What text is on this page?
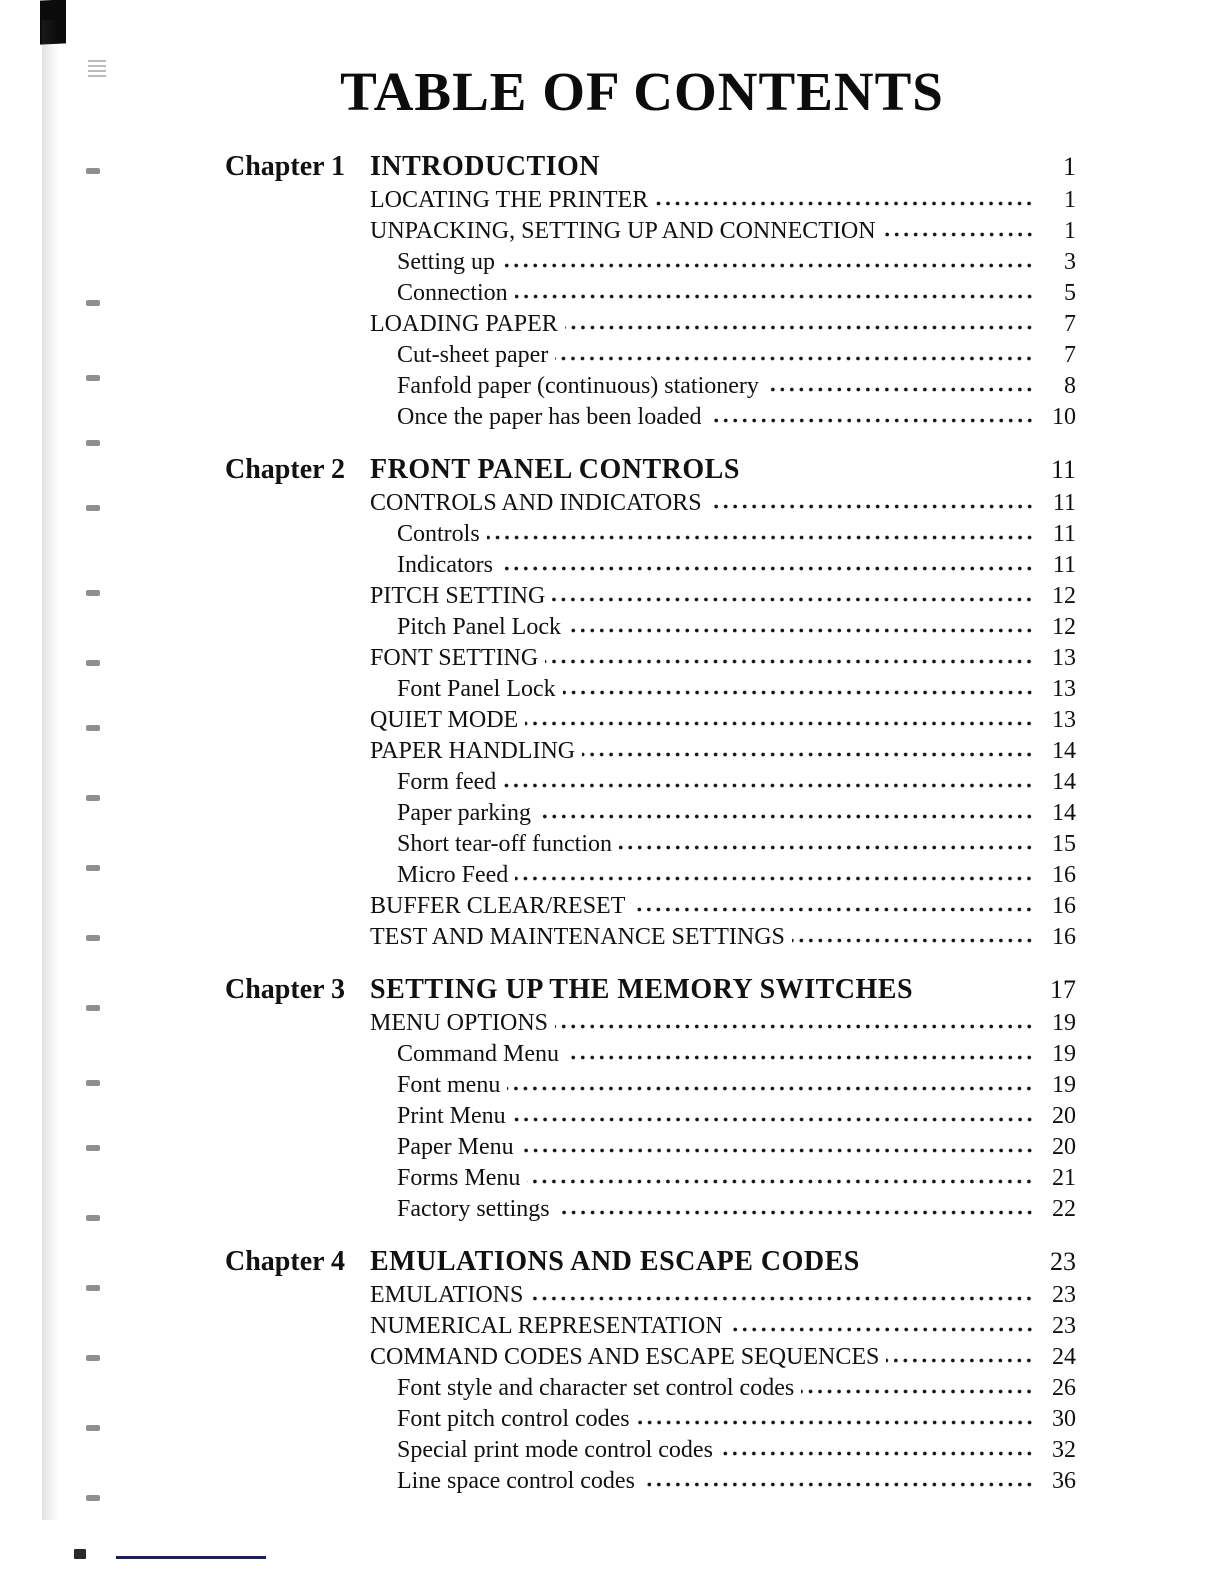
TABLE OF CONTENTS
Chapter 1 INTRODUCTION	1
LOCATING THE PRINTER	1
UNPACKING, SETTING UP AND CONNECTION	1
Setting up	3
Connection	5
LOADING PAPER	7
Cut-sheet paper	7
Fanfold paper (continuous) stationery	8
Once the paper has been loaded	10
Chapter 2 FRONT PANEL CONTROLS	11
CONTROLS AND INDICATORS	11
Controls	11
Indicators	11
PITCH SETTING	12
Pitch Panel Lock	12
FONT SETTING	13
Font Panel Lock	13
QUIET MODE	13
PAPER HANDLING	14
Form feed	14
Paper parking	14
Short tear-off function	15
Micro Feed	16
BUFFER CLEAR/RESET	16
TEST AND MAINTENANCE SETTINGS	16
Chapter 3 SETTING UP THE MEMORY SWITCHES	17
MENU OPTIONS	19
Command Menu	19
Font menu	19
Print Menu	20
Paper Menu	20
Forms Menu	21
Factory settings	22
Chapter 4 EMULATIONS AND ESCAPE CODES	23
EMULATIONS	23
NUMERICAL REPRESENTATION	23
COMMAND CODES AND ESCAPE SEQUENCES	24
Font style and character set control codes	26
Font pitch control codes	30
Special print mode control codes	32
Line space control codes	36
